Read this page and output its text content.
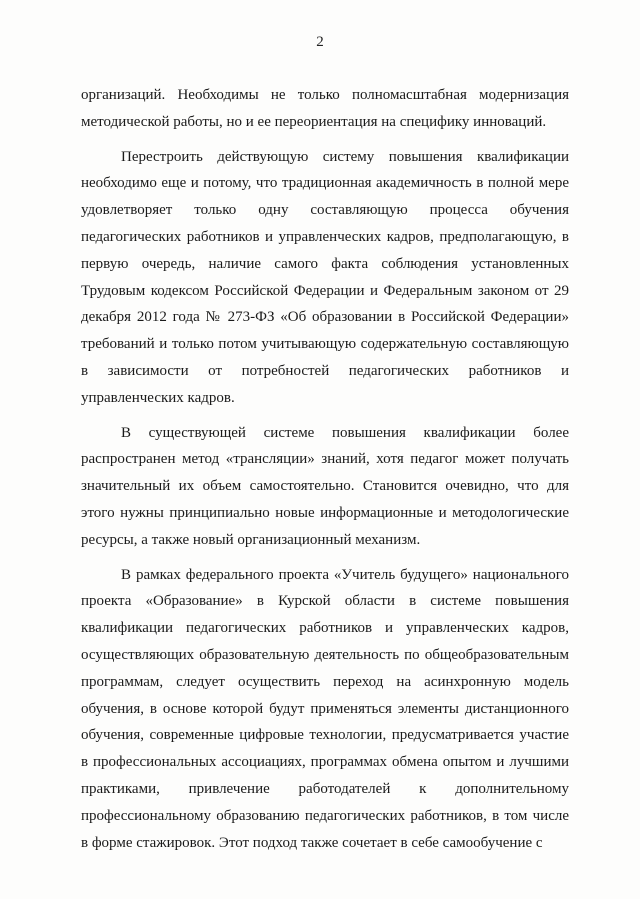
2

организаций. Необходимы не только полномасштабная модернизация методической работы, но и ее переориентация на специфику инноваций.

Перестроить действующую систему повышения квалификации необходимо еще и потому, что традиционная академичность в полной мере удовлетворяет только одну составляющую процесса обучения педагогических работников и управленческих кадров, предполагающую, в первую очередь, наличие самого факта соблюдения установленных Трудовым кодексом Российской Федерации и Федеральным законом от 29 декабря 2012 года № 273-ФЗ «Об образовании в Российской Федерации» требований и только потом учитывающую содержательную составляющую в зависимости от потребностей педагогических работников и управленческих кадров.

В существующей системе повышения квалификации более распространен метод «трансляции» знаний, хотя педагог может получать значительный их объем самостоятельно. Становится очевидно, что для этого нужны принципиально новые информационные и методологические ресурсы, а также новый организационный механизм.

В рамках федерального проекта «Учитель будущего» национального проекта «Образование» в Курской области в системе повышения квалификации педагогических работников и управленческих кадров, осуществляющих образовательную деятельность по общеобразовательным программам, следует осуществить переход на асинхронную модель обучения, в основе которой будут применяться элементы дистанционного обучения, современные цифровые технологии, предусматривается участие в профессиональных ассоциациях, программах обмена опытом и лучшими практиками, привлечение работодателей к дополнительному профессиональному образованию педагогических работников, в том числе в форме стажировок. Этот подход также сочетает в себе самообучение с
